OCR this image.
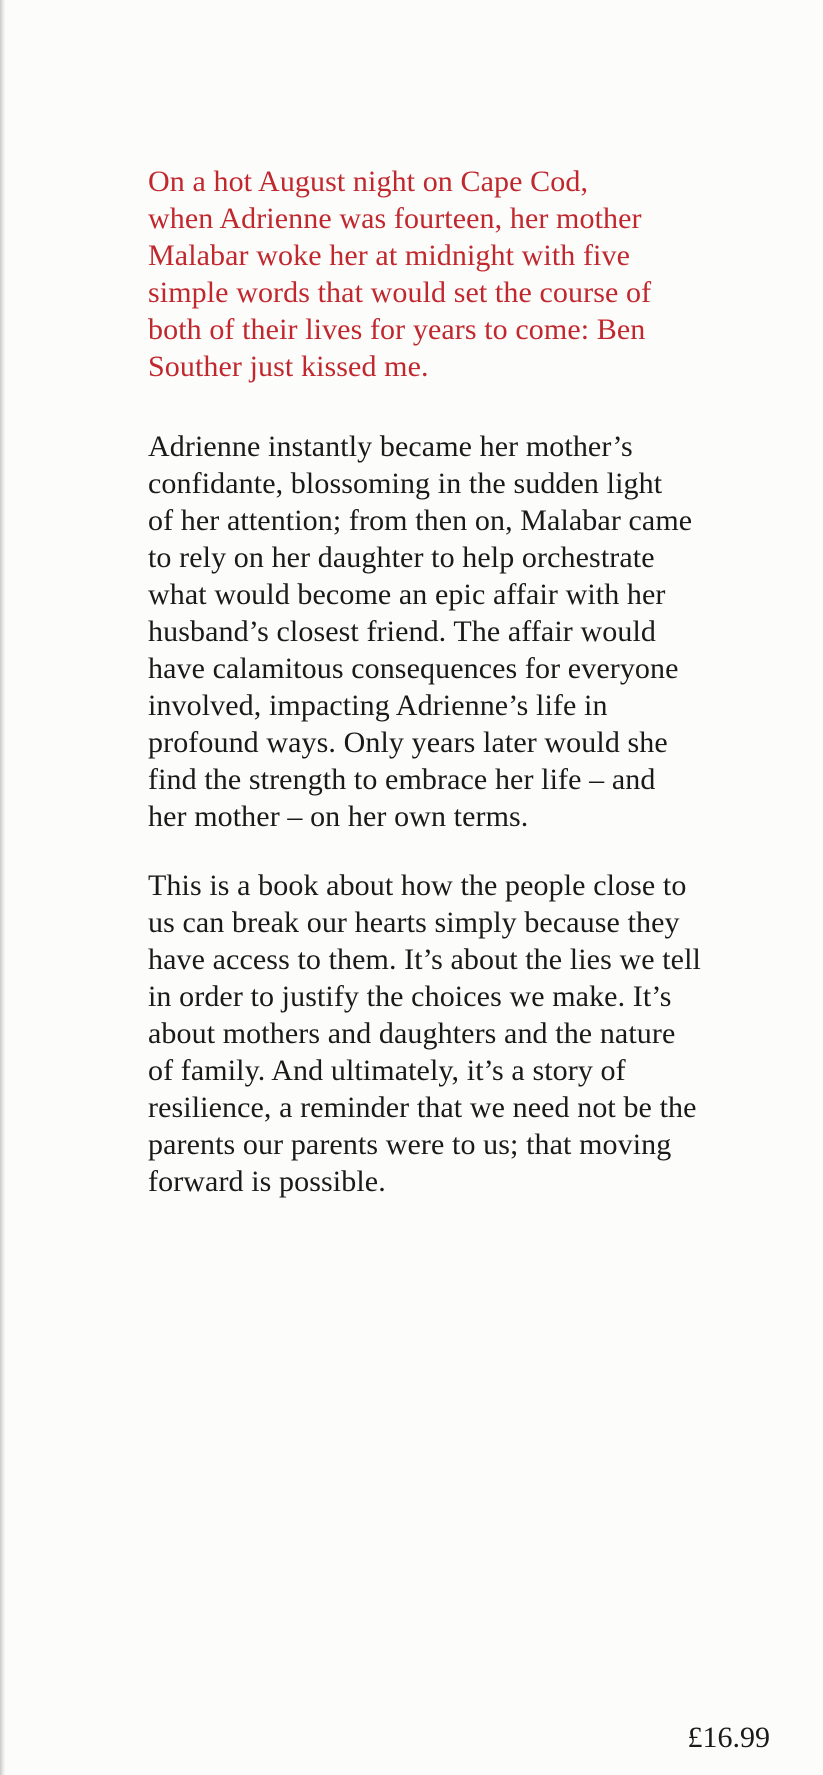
On a hot August night on Cape Cod,
when Adrienne was fourteen, her mother
Malabar woke her at midnight with five
simple words that would set the course of
both of their lives for years to come: Ben
Souther just kissed me.

Adrienne instantly became her mother’s
confidante, blossoming in the sudden light
of her attention; from then on, Malabar came
to rely on her daughter to help orchestrate
what would become an epic affair with her
husband’s closest friend. The affair would
have calamitous consequences for everyone
involved, impacting Adrienne’s life in
profound ways. Only years later would she
find the strength to embrace her life – and
her mother – on her own terms.

This is a book about how the people close to
us can break our hearts simply because they
have access to them. It’s about the lies we tell
in order to justify the choices we make. It’s
about mothers and daughters and the nature
of family. And ultimately, it’s a story of
resilience, a reminder that we need not be the
parents our parents were to us; that moving
forward is possible.

£16.99
